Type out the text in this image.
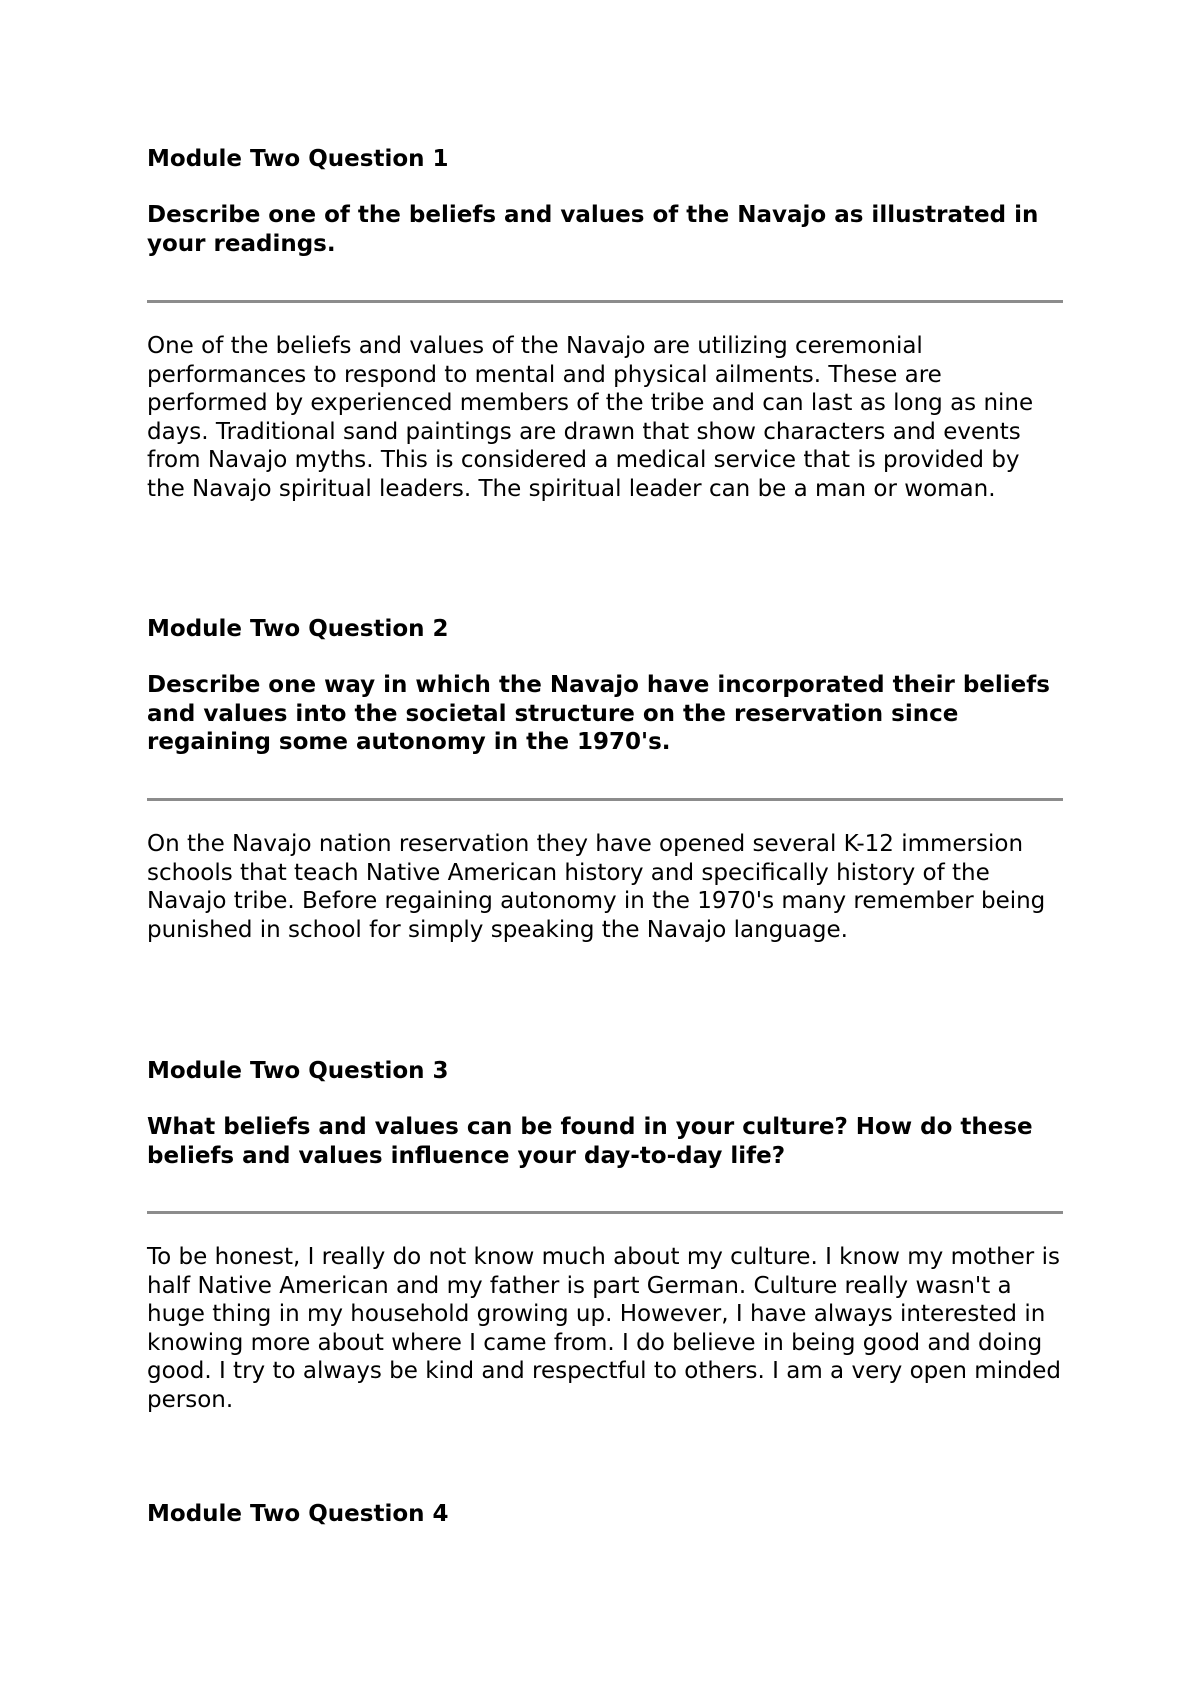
Module Two Question 1

Describe one of the beliefs and values of the Navajo as illustrated in your readings.

One of the beliefs and values of the Navajo are utilizing ceremonial performances to respond to mental and physical ailments. These are performed by experienced members of the tribe and can last as long as nine days. Traditional sand paintings are drawn that show characters and events from Navajo myths. This is considered a medical service that is provided by the Navajo spiritual leaders. The spiritual leader can be a man or woman.

Module Two Question 2

Describe one way in which the Navajo have incorporated their beliefs and values into the societal structure on the reservation since regaining some autonomy in the 1970's.

On the Navajo nation reservation they have opened several K-12 immersion schools that teach Native American history and specifically history of the Navajo tribe. Before regaining autonomy in the 1970's many remember being punished in school for simply speaking the Navajo language.

Module Two Question 3

What beliefs and values can be found in your culture? How do these beliefs and values influence your day-to-day life?

To be honest, I really do not know much about my culture. I know my mother is half Native American and my father is part German. Culture really wasn't a huge thing in my household growing up. However, I have always interested in knowing more about where I came from. I do believe in being good and doing good. I try to always be kind and respectful to others. I am a very open minded person.

Module Two Question 4
